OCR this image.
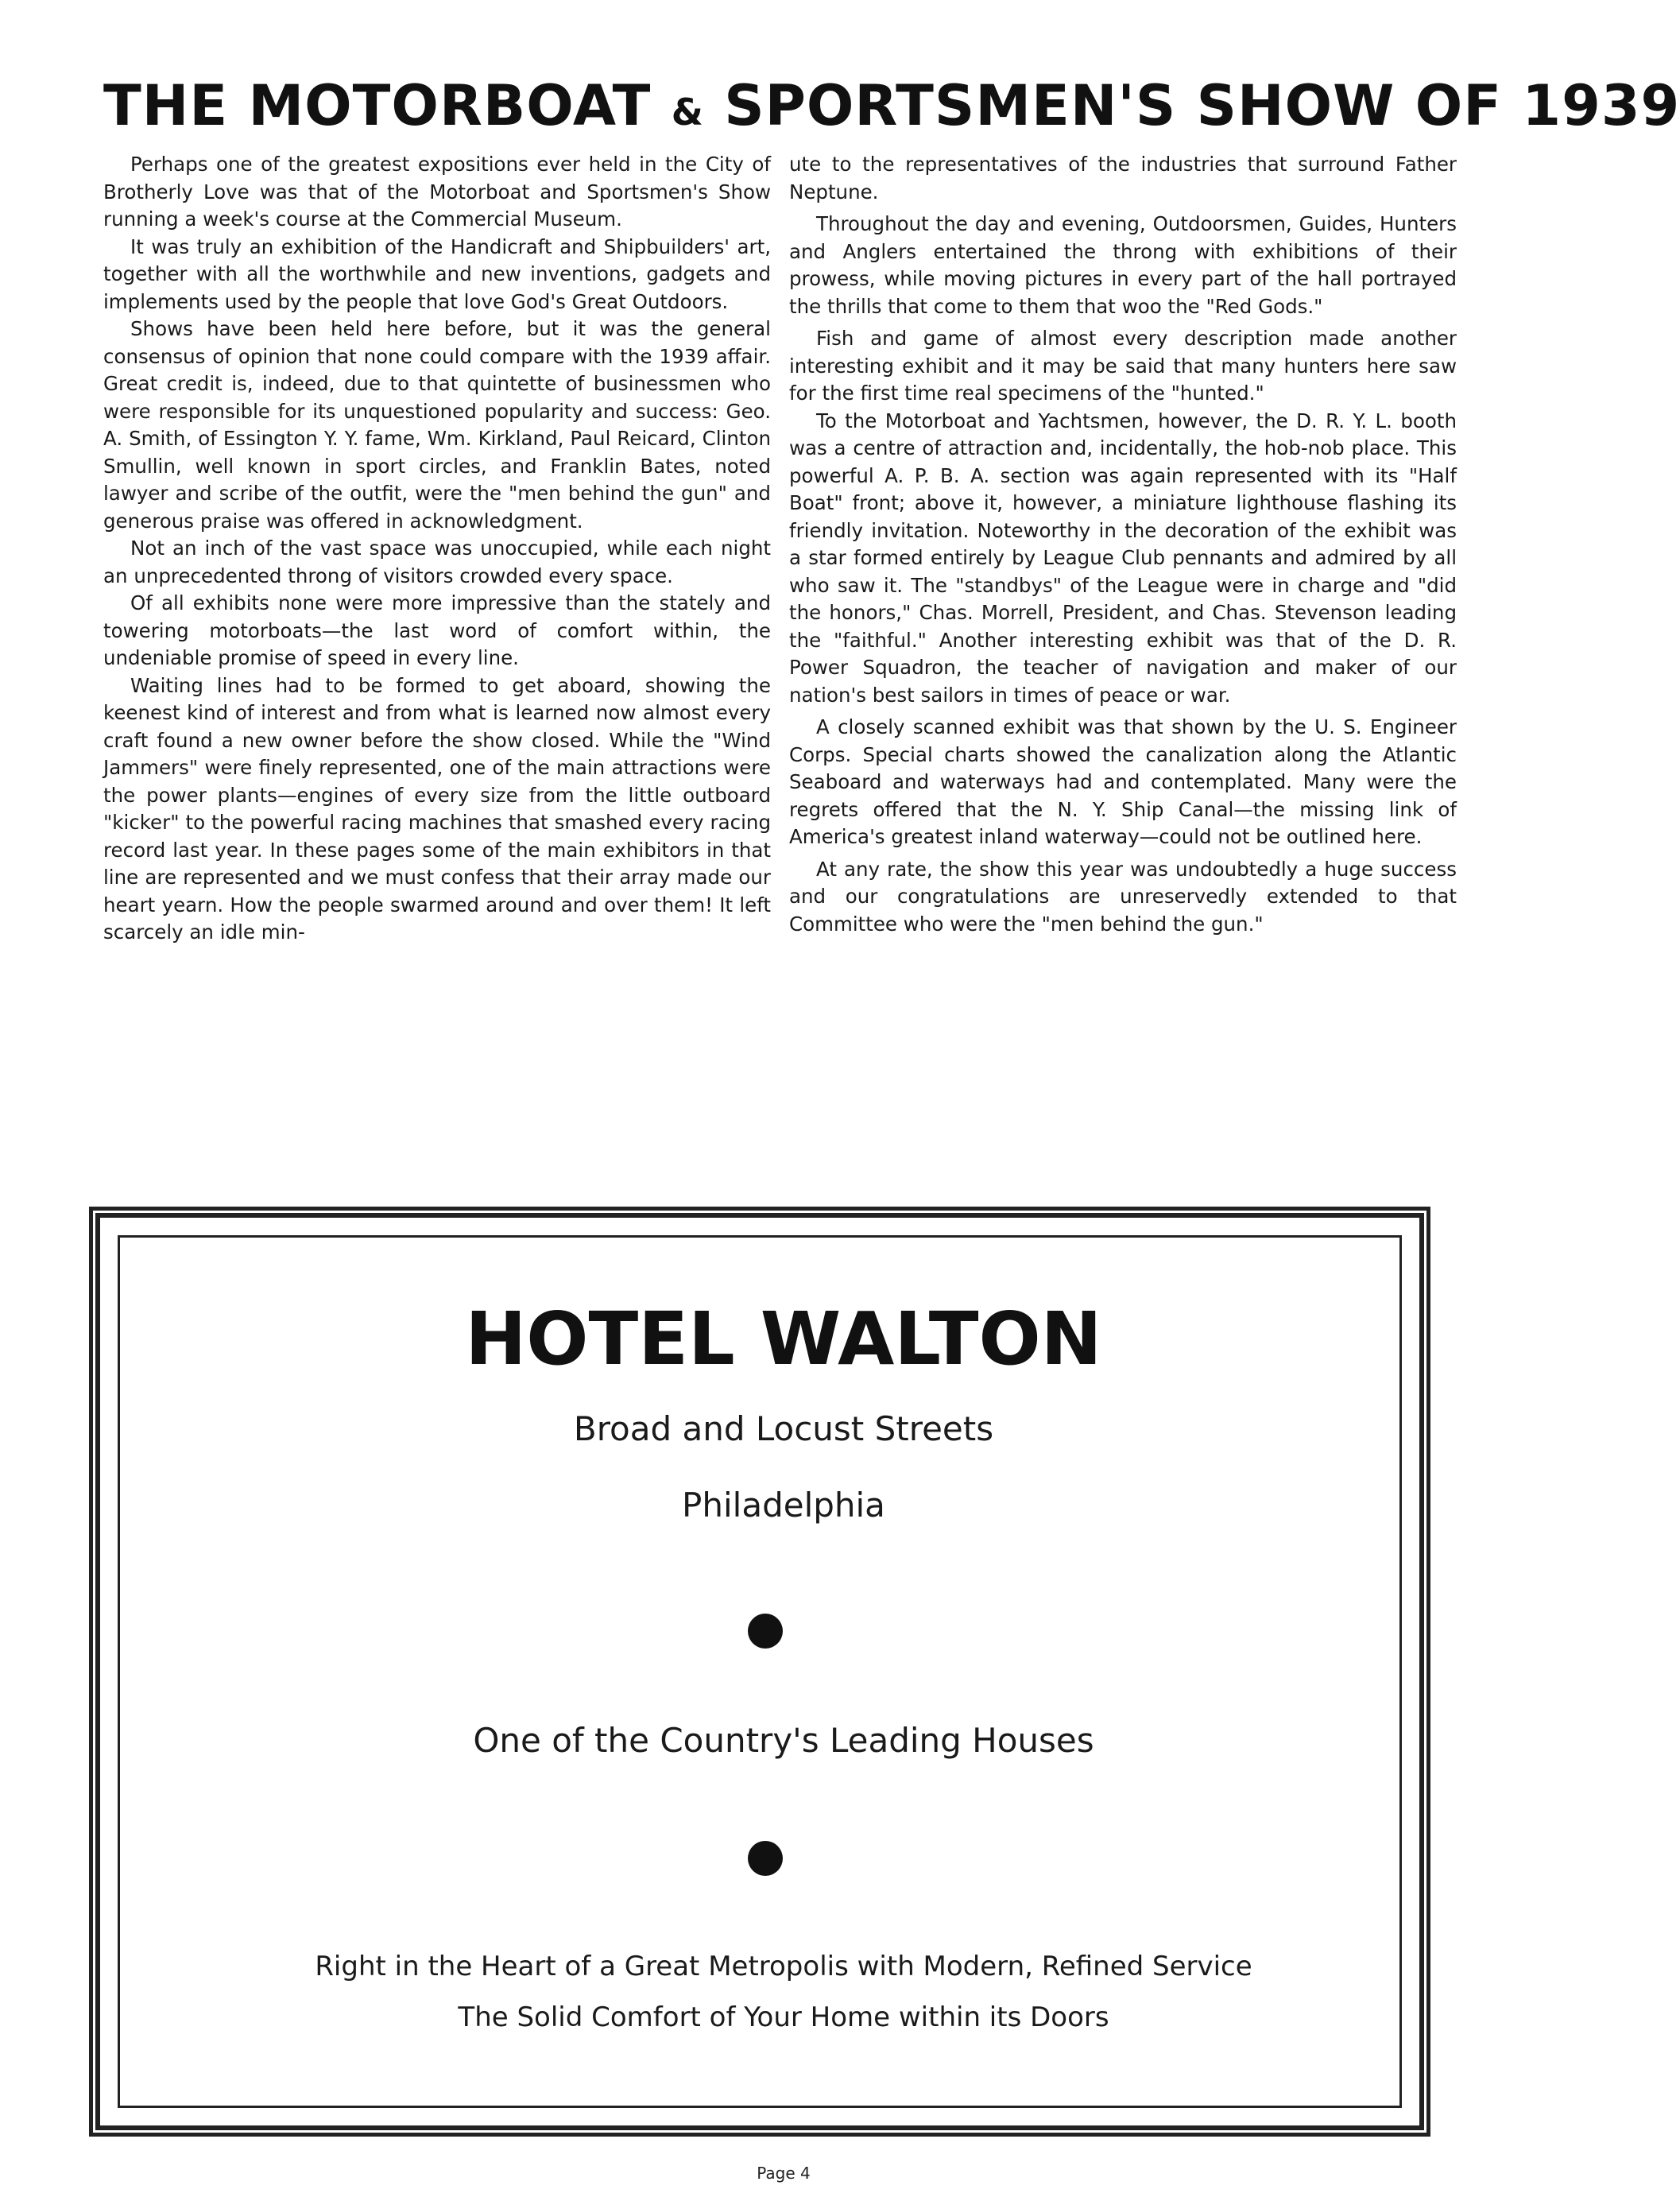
THE MOTORBOAT & SPORTSMEN'S SHOW OF 1939

Perhaps one of the greatest expositions ever held in the City of Brotherly Love was that of the Motorboat and Sportsmen's Show running a week's course at the Commercial Museum.

It was truly an exhibition of the Handicraft and Shipbuilders' art, together with all the worthwhile and new inventions, gadgets and implements used by the people that love God's Great Outdoors.

Shows have been held here before, but it was the general consensus of opinion that none could compare with the 1939 affair. Great credit is, indeed, due to that quintette of businessmen who were responsible for its unquestioned popularity and success: Geo. A. Smith, of Essington Y. Y. fame, Wm. Kirkland, Paul Reicard, Clinton Smullin, well known in sport circles, and Franklin Bates, noted lawyer and scribe of the outfit, were the "men behind the gun" and generous praise was offered in acknowledgment.

Not an inch of the vast space was unoccupied, while each night an unprecedented throng of visitors crowded every space.

Of all exhibits none were more impressive than the stately and towering motorboats—the last word of comfort within, the undeniable promise of speed in every line.

Waiting lines had to be formed to get aboard, showing the keenest kind of interest and from what is learned now almost every craft found a new owner before the show closed. While the "Wind Jammers" were finely represented, one of the main attractions were the power plants—engines of every size from the little outboard "kicker" to the powerful racing machines that smashed every racing record last year. In these pages some of the main exhibitors in that line are represented and we must confess that their array made our heart yearn. How the people swarmed around and over them! It left scarcely an idle min-

ute to the representatives of the industries that surround Father Neptune.

Throughout the day and evening, Outdoorsmen, Guides, Hunters and Anglers entertained the throng with exhibitions of their prowess, while moving pictures in every part of the hall portrayed the thrills that come to them that woo the "Red Gods."

Fish and game of almost every description made another interesting exhibit and it may be said that many hunters here saw for the first time real specimens of the "hunted."

To the Motorboat and Yachtsmen, however, the D. R. Y. L. booth was a centre of attraction and, incidentally, the hob-nob place. This powerful A. P. B. A. section was again represented with its "Half Boat" front; above it, however, a miniature lighthouse flashing its friendly invitation. Noteworthy in the decoration of the exhibit was a star formed entirely by League Club pennants and admired by all who saw it. The "standbys" of the League were in charge and "did the honors," Chas. Morrell, President, and Chas. Stevenson leading the "faithful." Another interesting exhibit was that of the D. R. Power Squadron, the teacher of navigation and maker of our nation's best sailors in times of peace or war.

A closely scanned exhibit was that shown by the U. S. Engineer Corps. Special charts showed the canalization along the Atlantic Seaboard and waterways had and contemplated. Many were the regrets offered that the N. Y. Ship Canal—the missing link of America's greatest inland waterway—could not be outlined here.

At any rate, the show this year was undoubtedly a huge success and our congratulations are unreservedly extended to that Committee who were the "men behind the gun."

HOTEL WALTON

Broad and Locust Streets

Philadelphia

One of the Country's Leading Houses

Right in the Heart of a Great Metropolis with Modern, Refined Service

The Solid Comfort of Your Home within its Doors

Page 4
